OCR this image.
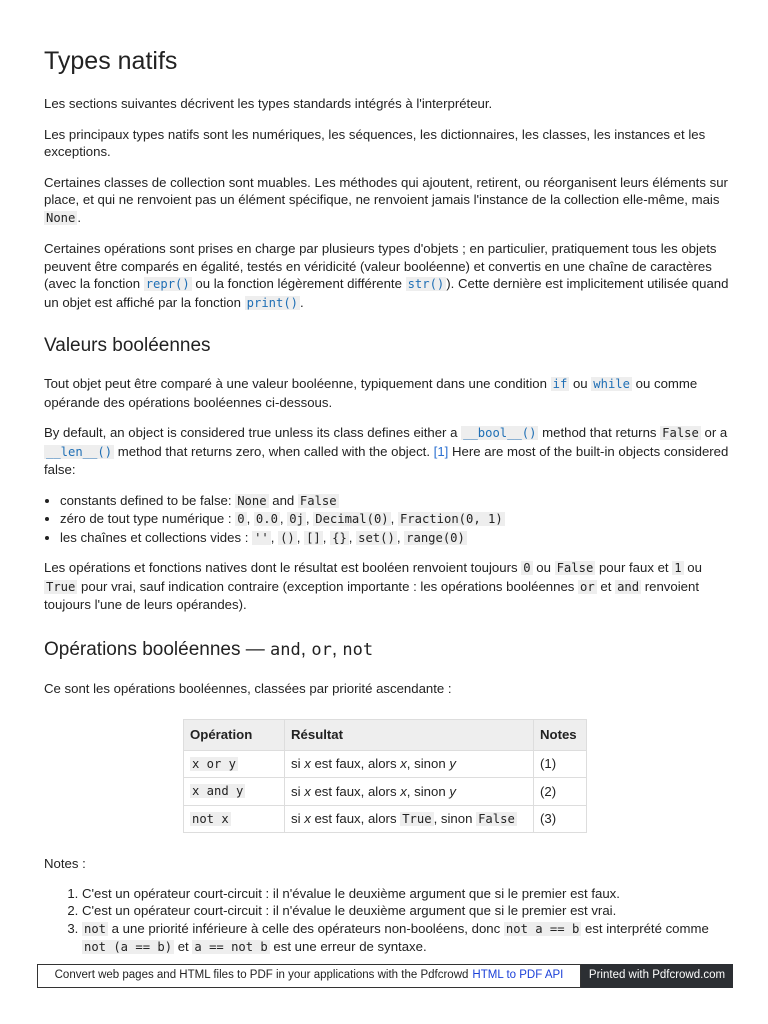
Types natifs

Les sections suivantes décrivent les types standards intégrés à l'interpréteur.

Les principaux types natifs sont les numériques, les séquences, les dictionnaires, les classes, les instances et les exceptions.

Certaines classes de collection sont muables. Les méthodes qui ajoutent, retirent, ou réorganisent leurs éléments sur place, et qui ne renvoient pas un élément spécifique, ne renvoient jamais l'instance de la collection elle-même, mais None .

Certaines opérations sont prises en charge par plusieurs types d'objets ; en particulier, pratiquement tous les objets peuvent être comparés en égalité, testés en véridicité (valeur booléenne) et convertis en une chaîne de caractères (avec la fonction repr() ou la fonction légèrement différente str() ). Cette dernière est implicitement utilisée quand un objet est affiché par la fonction print() .

Valeurs booléennes

Tout objet peut être comparé à une valeur booléenne, typiquement dans une condition if ou while ou comme opérande des opérations booléennes ci-dessous.

By default, an object is considered true unless its class defines either a __bool__() method that returns False or a __len__() method that returns zero, when called with the object. [1] Here are most of the built-in objects considered false:

• constants defined to be false: None and False
• zéro de tout type numérique : 0 , 0.0 , 0j , Decimal(0) , Fraction(0, 1)
• les chaînes et collections vides : '' , () , [] , {} , set() , range(0)

Les opérations et fonctions natives dont le résultat est booléen renvoient toujours 0 ou False pour faux et 1 ou True pour vrai, sauf indication contraire (exception importante : les opérations booléennes or et and renvoient toujours l'une de leurs opérandes).

Opérations booléennes — and, or, not

Ce sont les opérations booléennes, classées par priorité ascendante :

Opération	Résultat	Notes
x or y	si x est faux, alors x, sinon y	(1)
x and y	si x est faux, alors x, sinon y	(2)
not x	si x est faux, alors True , sinon False	(3)

Notes :

1. C'est un opérateur court-circuit : il n'évalue le deuxième argument que si le premier est faux.
2. C'est un opérateur court-circuit : il n'évalue le deuxième argument que si le premier est vrai.
3. not a une priorité inférieure à celle des opérateurs non-booléens, donc not a == b est interprété comme not (a == b) et a == not b est une erreur de syntaxe.
Convert web pages and HTML files to PDF in your applications with the Pdfcrowd HTML to PDF API	Printed with Pdfcrowd.com
